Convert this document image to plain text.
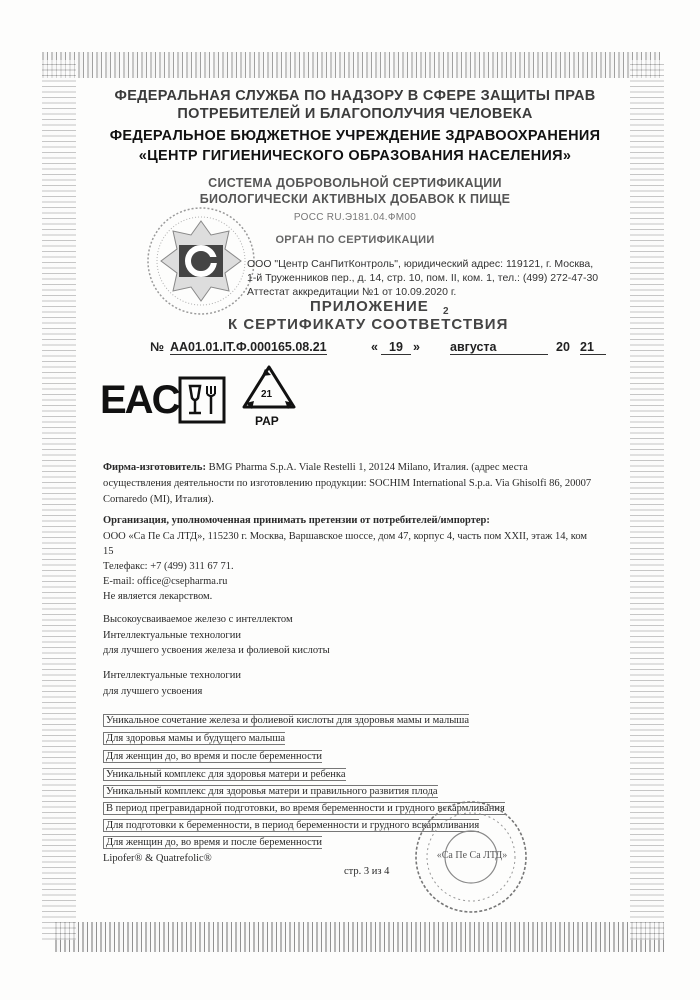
ФЕДЕРАЛЬНАЯ СЛУЖБА ПО НАДЗОРУ В СФЕРЕ ЗАЩИТЫ ПРАВ
ПОТРЕБИТЕЛЕЙ И БЛАГОПОЛУЧИЯ ЧЕЛОВЕКА
ФЕДЕРАЛЬНОЕ БЮДЖЕТНОЕ УЧРЕЖДЕНИЕ ЗДРАВООХРАНЕНИЯ
«ЦЕНТР ГИГИЕНИЧЕСКОГО ОБРАЗОВАНИЯ НАСЕЛЕНИЯ»
СИСТЕМА ДОБРОВОЛЬНОЙ СЕРТИФИКАЦИИ
БИОЛОГИЧЕСКИ АКТИВНЫХ ДОБАВОК К ПИЩЕ
РОСС RU.Э181.04.ФМ00
ОРГАН ПО СЕРТИФИКАЦИИ
ООО "Центр СанПитКонтроль", юридический адрес: 119121, г. Москва,
1-й Труженников пер., д. 14, стр. 10, пом. II, ком. 1, тел.: (499) 272-47-30
Аттестат аккредитации №1 от 10.09.2020 г.
ПРИЛОЖЕНИЕ 2
К СЕРТИФИКАТУ СООТВЕТСТВИЯ
№ AA01.01.IT.Ф.000165.08.21	« 19 » августа	20 21
EAC	21
PAP
Фирма-изготовитель: BMG Pharma S.p.A. Viale Restelli 1, 20124 Milano, Италия. (адрес места
осуществления деятельности по изготовлению продукции: SOCHIM International S.p.a. Via Ghisolfi 86, 20007
Cornaredo (MI), Италия).
Организация, уполномоченная принимать претензии от потребителей/импортер:
ООО «Са Пе Са ЛТД», 115230 г. Москва, Варшавское шоссе, дом 47, корпус 4, часть пом XXII, этаж 14, ком
15
Телефакс: +7 (499) 311 67 71.
E-mail: office@csepharma.ru
Не является лекарством.
Высокоусваиваемое железо с интеллектом
Интеллектуальные технологии
для лучшего усвоения железа и фолиевой кислоты
Интеллектуальные технологии
для лучшего усвоения
Уникальное сочетание железа и фолиевой кислоты для здоровья мамы и малыша
Для здоровья мамы и будущего малыша
Для женщин до, во время и после беременности
Уникальный комплекс для здоровья матери и ребенка
Уникальный комплекс для здоровья матери и правильного развития плода
В период прегравидарной подготовки, во время беременности и грудного вскармливания
Для подготовки к беременности, в период беременности и грудного вскармливания
Для женщин до, во время и после беременности
Lipofer® & Quatrefolic®
стр. 3 из 4
«Са Пе Са ЛТД»
